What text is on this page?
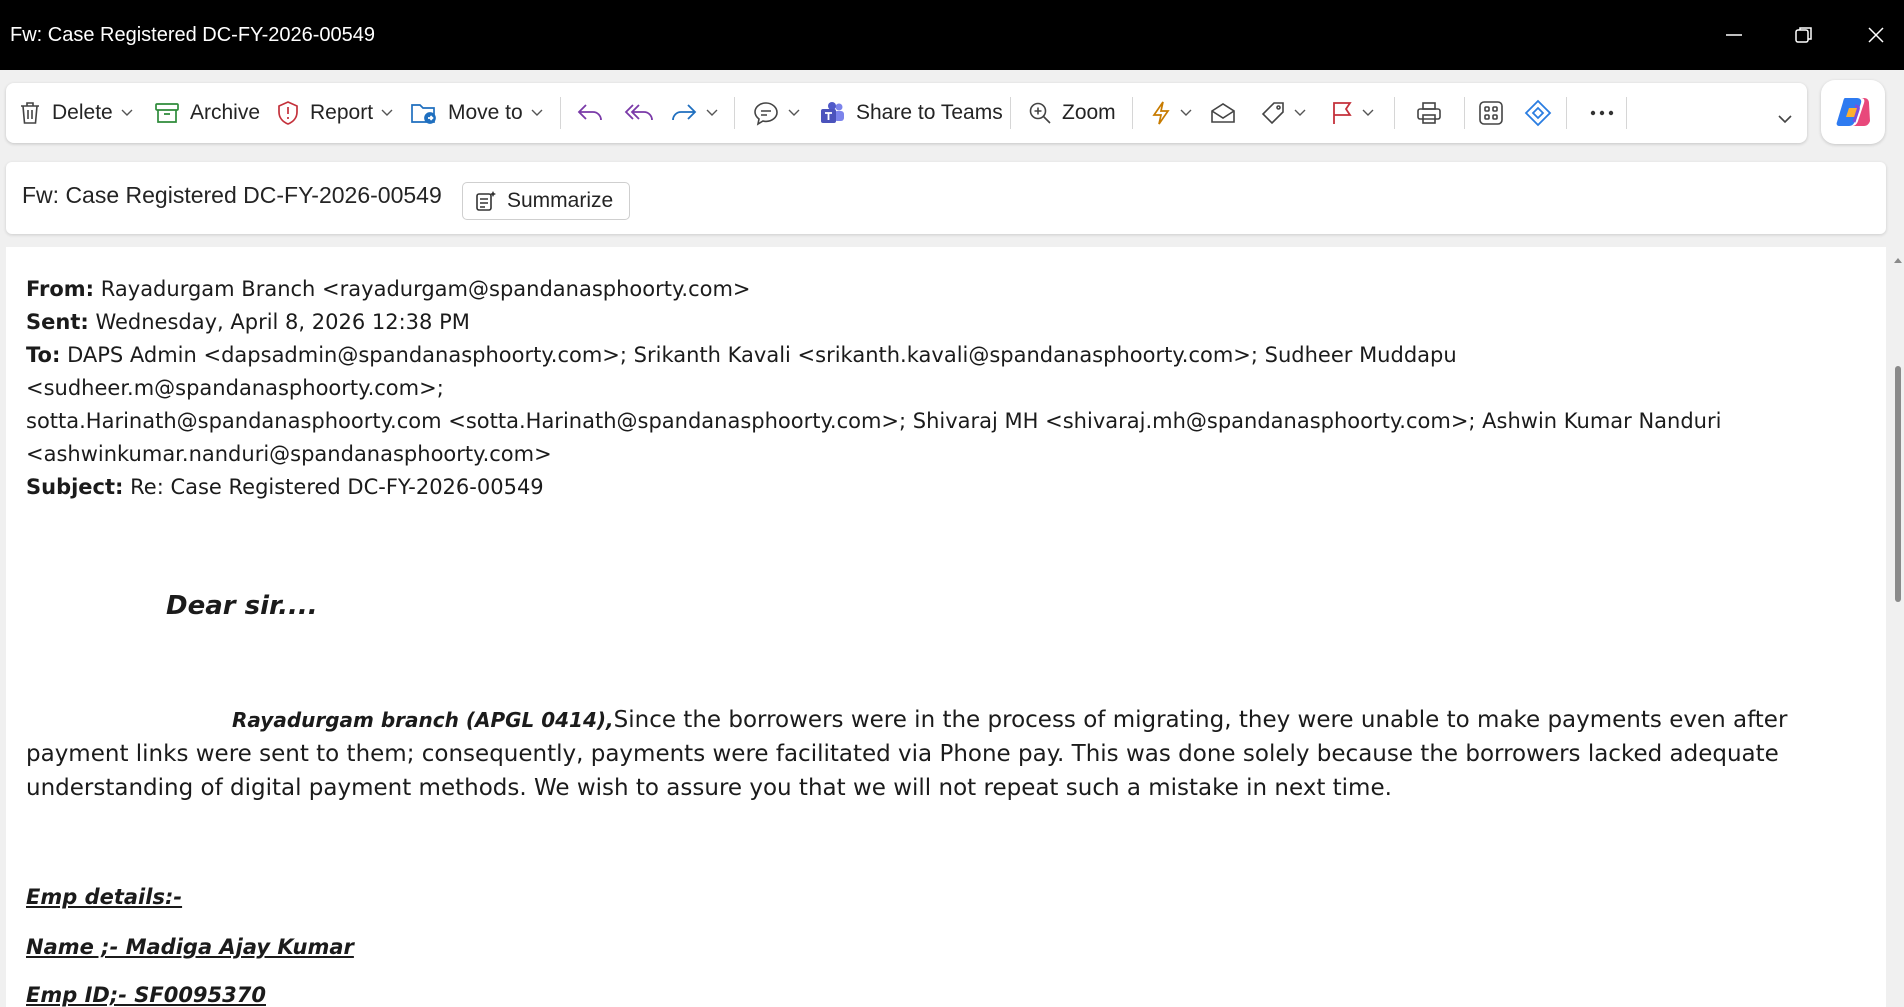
Fw: Case Registered DC-FY-2026-00549
Delete	Archive Report	Move to	Share to Teams	Zoom
Fw: Case Registered DC-FY-2026-00549	Summarize
From: Rayadurgam Branch <rayadurgam@spandanasphoorty.com>
Sent: Wednesday, April 8, 2026 12:38 PM
To: DAPS Admin <dapsadmin@spandanasphoorty.com>; Srikanth Kavali <srikanth.kavali@spandanasphoorty.com>; Sudheer Muddapu <sudheer.m@spandanasphoorty.com>;
sotta.Harinath@spandanasphoorty.com <sotta.Harinath@spandanasphoorty.com>; Shivaraj MH <shivaraj.mh@spandanasphoorty.com>; Ashwin Kumar Nanduri
<ashwinkumar.nanduri@spandanasphoorty.com>
Subject: Re: Case Registered DC-FY-2026-00549
Dear sir....
Rayadurgam branch (APGL 0414),Since the borrowers were in the process of migrating, they were unable to make payments even after payment links were sent to them; consequently, payments were facilitated via Phone pay. This was done solely because the borrowers lacked adequate understanding of digital payment methods. We wish to assure you that we will not repeat such a mistake in next time.
Emp details:-
Name ;- Madiga Ajay Kumar
Emp ID;- SF0095370
